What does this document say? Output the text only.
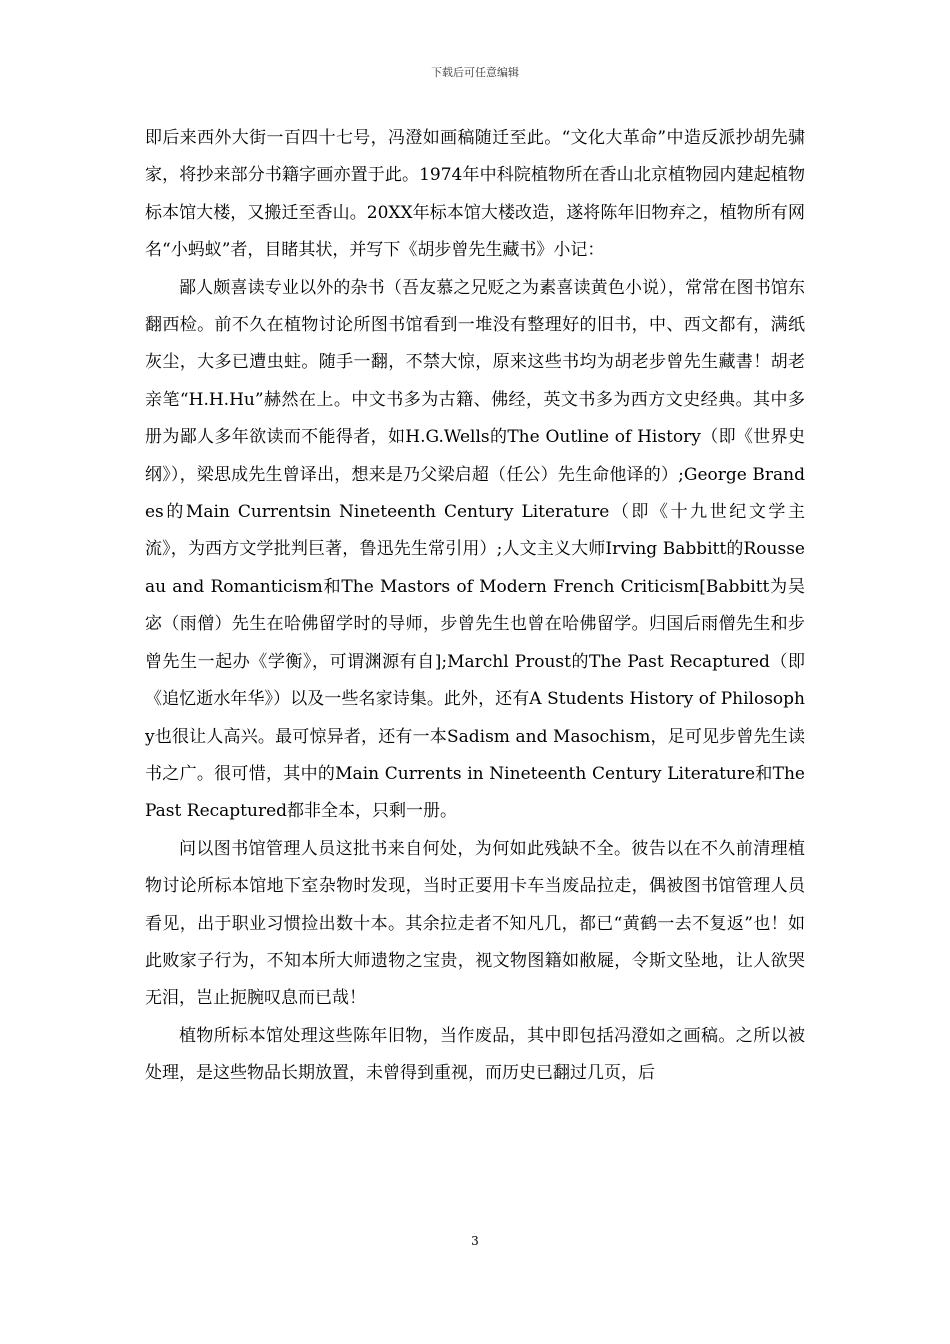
下载后可任意编辑

即后来西外大街一百四十七号，冯澄如画稿随迁至此。“文化大革命”中造反派抄胡先骕家，将抄来部分书籍字画亦置于此。1974年中科院植物所在香山北京植物园内建起植物标本馆大楼，又搬迁至香山。20XX年标本馆大楼改造，遂将陈年旧物弃之，植物所有网名“小蚂蚁”者，目睹其状，并写下《胡步曾先生藏书》小记：

鄙人颇喜读专业以外的杂书（吾友慕之兄贬之为素喜读黄色小说），常常在图书馆东翻西检。前不久在植物讨论所图书馆看到一堆没有整理好的旧书，中、西文都有，满纸灰尘，大多已遭虫蛀。随手一翻，不禁大惊，原来这些书均为胡老步曾先生藏書！胡老亲笔“H.H.Hu”赫然在上。中文书多为古籍、佛经，英文书多为西方文史经典。其中多册为鄙人多年欲读而不能得者，如H.G.Wells的The Outline of History（即《世界史纲》），梁思成先生曾译出，想来是乃父梁启超（任公）先生命他译的）;George Brandes的Main Currentsin Nineteenth Century Literature（即《十九世纪文学主流》，为西方文学批判巨著，鲁迅先生常引用）;人文主义大师Irving Babbitt的Rousseau and Romanticism和The Mastors of Modern French Criticism[Babbitt为吴宓（雨僧）先生在哈佛留学时的导师，步曾先生也曾在哈佛留学。归国后雨僧先生和步曾先生一起办《学衡》，可谓渊源有自];Marchl Proust的The Past Recaptured（即《追忆逝水年华》）以及一些名家诗集。此外，还有A Students History of Philosophy也很让人高兴。最可惊异者，还有一本Sadism and Masochism，足可见步曾先生读书之广。很可惜，其中的Main Currents in Nineteenth Century Literature和The Past Recaptured都非全本，只剩一册。

问以图书馆管理人员这批书来自何处，为何如此残缺不全。彼告以在不久前清理植物讨论所标本馆地下室杂物时发现，当时正要用卡车当废品拉走，偶被图书馆管理人员看见，出于职业习惯捡出数十本。其余拉走者不知凡几，都已“黄鹤一去不复返”也！如此败家子行为，不知本所大师遗物之宝贵，视文物图籍如敝屣，令斯文坠地，让人欲哭无泪，岂止扼腕叹息而已哉！

植物所标本馆处理这些陈年旧物，当作废品，其中即包括冯澄如之画稿。之所以被处理，是这些物品长期放置，未曾得到重视，而历史已翻过几页，后

3
